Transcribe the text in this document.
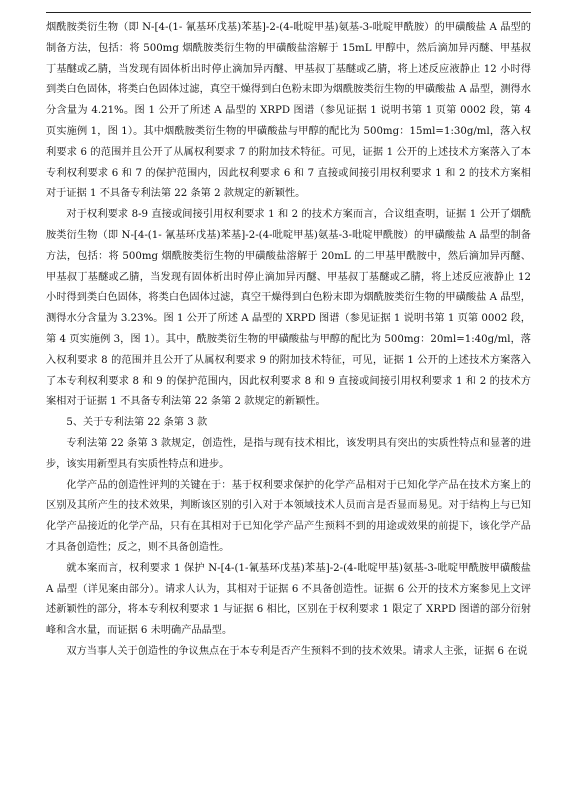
烟酰胺类衍生物（即 N-[4-(1- 氰基环戊基)苯基]-2-(4-吡啶甲基)氨基-3-吡啶甲酰胺）的甲磺酸盐 A 晶型的制备方法，包括：将 500mg 烟酰胺类衍生物的甲磺酸盐溶解于 15mL 甲醇中，然后滴加异丙醚、甲基叔丁基醚或乙腈，当发现有固体析出时停止滴加异丙醚、甲基叔丁基醚或乙腈，将上述反应液静止 12 小时得到类白色固体，将类白色固体过滤，真空干燥得到白色粉末即为烟酰胺类衍生物的甲磺酸盐 A 晶型，测得水分含量为 4.21%。图 1 公开了所述 A 晶型的 XRPD 图谱（参见证据 1 说明书第 1 页第 0002 段，第 4 页实施例 1，图 1）。其中烟酰胺类衍生物的甲磺酸盐与甲醇的配比为 500mg：15ml=1:30g/ml，落入权利要求 6 的范围并且公开了从属权利要求 7 的附加技术特征。可见，证据 1 公开的上述技术方案落入了本专利权利要求 6 和 7 的保护范围内，因此权利要求 6 和 7 直接或间接引用权利要求 1 和 2 的技术方案相对于证据 1 不具备专利法第 22 条第 2 款规定的新颖性。

对于权利要求 8-9 直接或间接引用权利要求 1 和 2 的技术方案而言，合议组查明，证据 1 公开了烟酰胺类衍生物（即 N-[4-(1- 氰基环戊基)苯基]-2-(4-吡啶甲基)氨基-3-吡啶甲酰胺）的甲磺酸盐 A 晶型的制备方法，包括：将 500mg 烟酰胺类衍生物的甲磺酸盐溶解于 20mL 的二甲基甲酰胺中，然后滴加异丙醚、甲基叔丁基醚或乙腈，当发现有固体析出时停止滴加异丙醚、甲基叔丁基醚或乙腈，将上述反应液静止 12 小时得到类白色固体，将类白色固体过滤，真空干燥得到白色粉末即为烟酰胺类衍生物的甲磺酸盐 A 晶型，测得水分含量为 3.23%。图 1 公开了所述 A 晶型的 XRPD 图谱（参见证据 1 说明书第 1 页第 0002 段，第 4 页实施例 3，图 1）。其中，酰胺类衍生物的甲磺酸盐与甲醇的配比为 500mg：20ml=1:40g/ml，落入权利要求 8 的范围并且公开了从属权利要求 9 的附加技术特征，可见，证据 1 公开的上述技术方案落入了本专利权利要求 8 和 9 的保护范围内，因此权利要求 8 和 9 直接或间接引用权利要求 1 和 2 的技术方案相对于证据 1 不具备专利法第 22 条第 2 款规定的新颖性。

5、关于专利法第 22 条第 3 款

专利法第 22 条第 3 款规定，创造性，是指与现有技术相比，该发明具有突出的实质性特点和显著的进步，该实用新型具有实质性特点和进步。

化学产品的创造性评判的关键在于：基于权利要求保护的化学产品相对于已知化学产品在技术方案上的区别及其所产生的技术效果，判断该区别的引入对于本领域技术人员而言是否显而易见。对于结构上与已知化学产品接近的化学产品，只有在其相对于已知化学产品产生预料不到的用途或效果的前提下，该化学产品才具备创造性；反之，则不具备创造性。

就本案而言，权利要求 1 保护 N-[4-(1-氰基环戊基)苯基]-2-(4-吡啶甲基)氨基-3-吡啶甲酰胺甲磺酸盐 A 晶型（详见案由部分）。请求人认为，其相对于证据 6 不具备创造性。证据 6 公开的技术方案参见上文评述新颖性的部分，将本专利权利要求 1 与证据 6 相比，区别在于权利要求 1 限定了 XRPD 图谱的部分衍射峰和含水量，而证据 6 未明确产品晶型。

双方当事人关于创造性的争议焦点在于本专利是否产生预料不到的技术效果。请求人主张，证据 6 在说
